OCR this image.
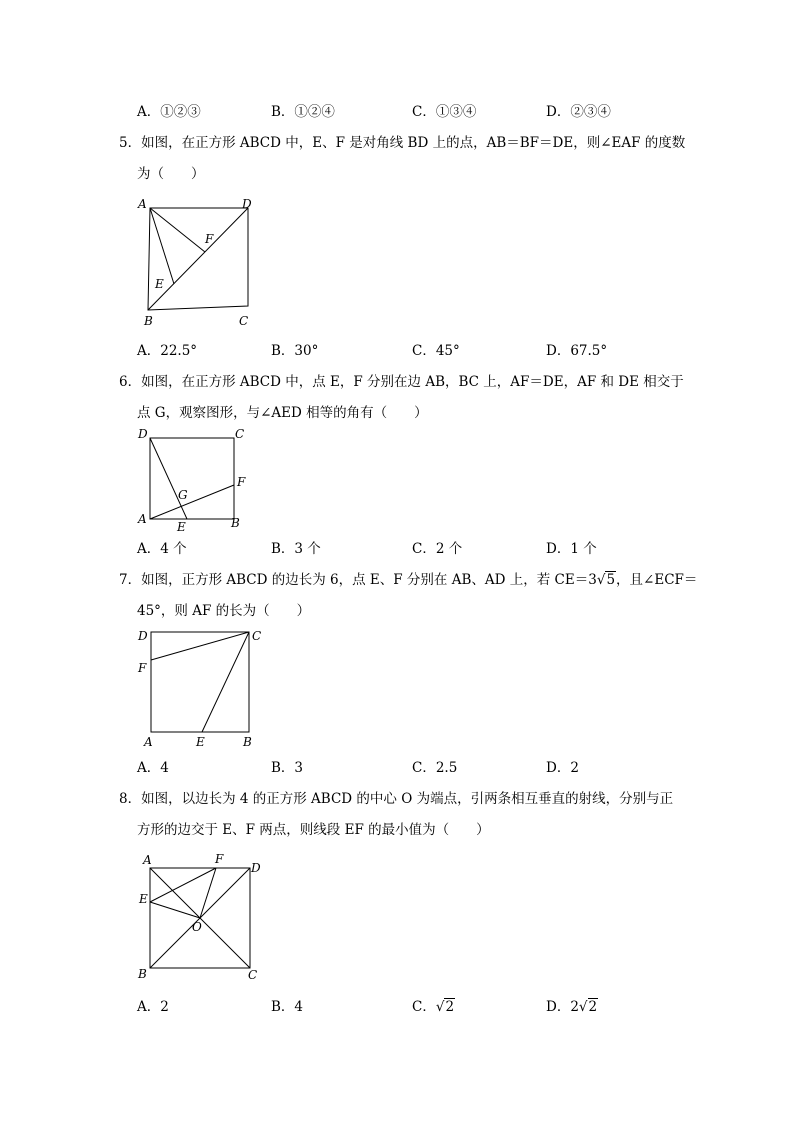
A．①②③	B．①②④	C．①③④	D．②③④
5．如图，在正方形 ABCD 中，E、F 是对角线 BD 上的点，AB＝BF＝DE，则∠EAF 的度数
为（　　）
A	D
F
E
B	C
A．22.5°	B．30°	C．45°	D．67.5°
6．如图，在正方形 ABCD 中，点 E，F 分别在边 AB，BC 上，AF＝DE，AF 和 DE 相交于
点 G，观察图形，与∠AED 相等的角有（　　）
D	C
F
G
A
E	B
A．4 个	B．3 个	C．2 个	D．1 个
7．如图，正方形 ABCD 的边长为 6，点 E、F 分别在 AB、AD 上，若 CE＝3√5，且∠ECF＝
45°，则 AF 的长为（　　）
D	C
F
A	E	B
A．4	B．3	C．2.5	D．2
8．如图，以边长为 4 的正方形 ABCD 的中心 O 为端点，引两条相互垂直的射线，分别与正
方形的边交于 E、F 两点，则线段 EF 的最小值为（　　）
A	F
D
E
O
B	C
A．2	B．4	C．√2	D．2√2
